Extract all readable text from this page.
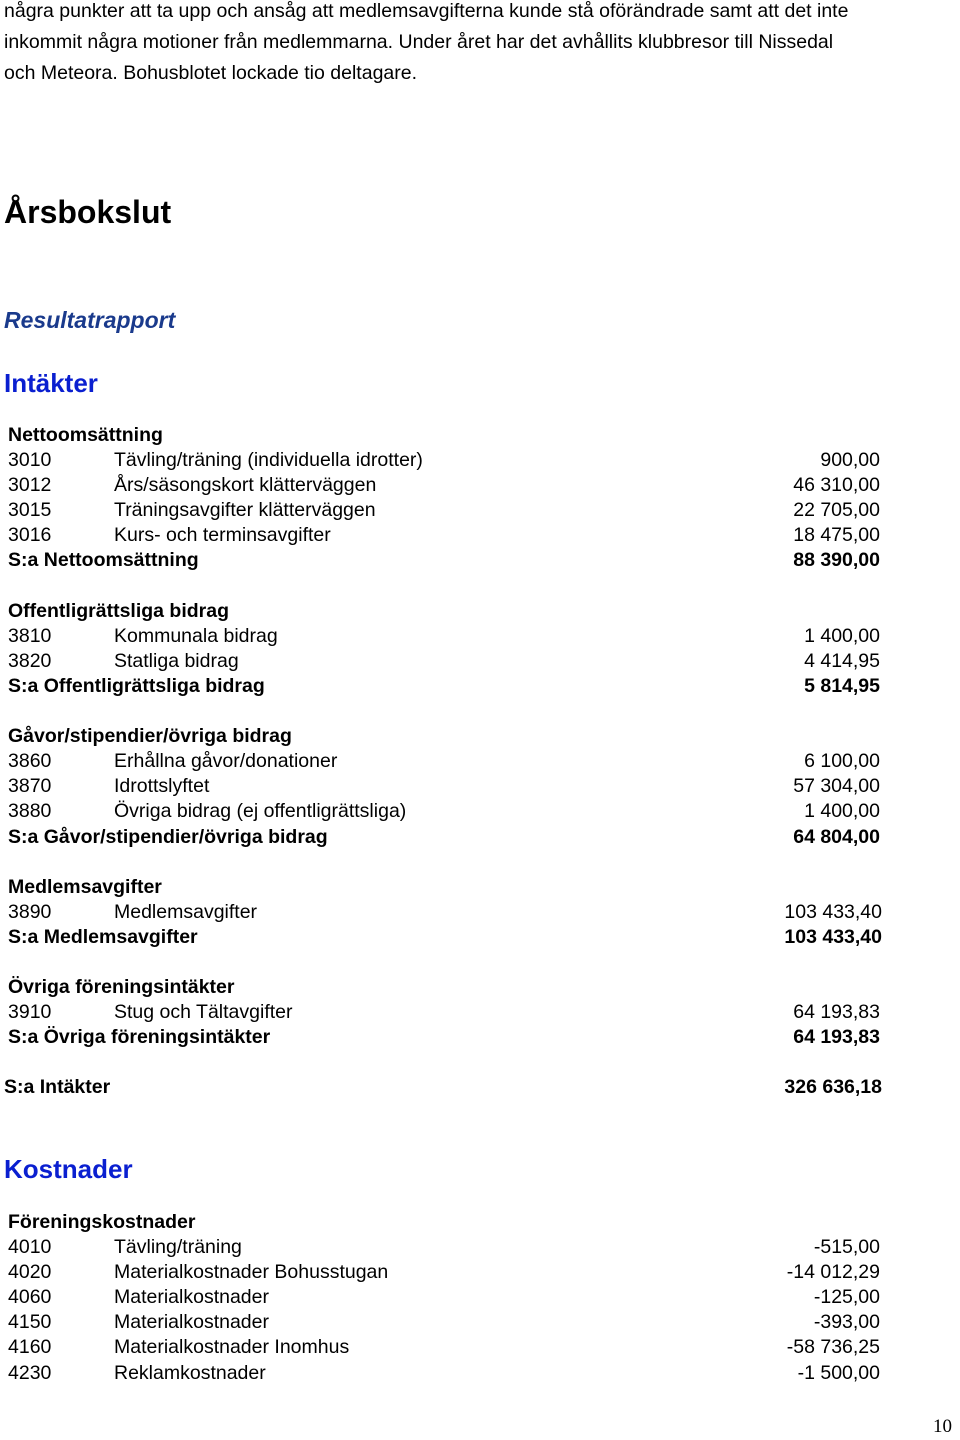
några punkter att ta upp och ansåg att medlemsavgifterna kunde stå oförändrade samt att det inte
inkommit några motioner från medlemmarna. Under året har det avhållits klubbresor till Nissedal
och Meteora. Bohusblotet lockade tio deltagare.
Årsbokslut
Resultatrapport
Intäkter
Nettoomsättning
3010	Tävling/träning (individuella idrotter)	900,00
3012	Års/säsongskort klätterväggen	46 310,00
3015	Träningsavgifter klätterväggen	22 705,00
3016	Kurs- och terminsavgifter	18 475,00
S:a Nettoomsättning	88 390,00
Offentligrättsliga bidrag
3810	Kommunala bidrag	1 400,00
3820	Statliga bidrag	4 414,95
S:a Offentligrättsliga bidrag	5 814,95
Gåvor/stipendier/övriga bidrag
3860	Erhållna gåvor/donationer	6 100,00
3870	Idrottslyftet	57 304,00
3880	Övriga bidrag (ej offentligrättsliga)	1 400,00
S:a Gåvor/stipendier/övriga bidrag	64 804,00
Medlemsavgifter
3890	Medlemsavgifter	103 433,40
S:a Medlemsavgifter	103 433,40
Övriga föreningsintäkter
3910	Stug och Tältavgifter	64 193,83
S:a Övriga föreningsintäkter	64 193,83
S:a Intäkter	326 636,18
Kostnader
Föreningskostnader
4010	Tävling/träning	-515,00
4020	Materialkostnader Bohusstugan	-14 012,29
4060	Materialkostnader	-125,00
4150	Materialkostnader	-393,00
4160	Materialkostnader Inomhus	-58 736,25
4230	Reklamkostnader	-1 500,00
10
